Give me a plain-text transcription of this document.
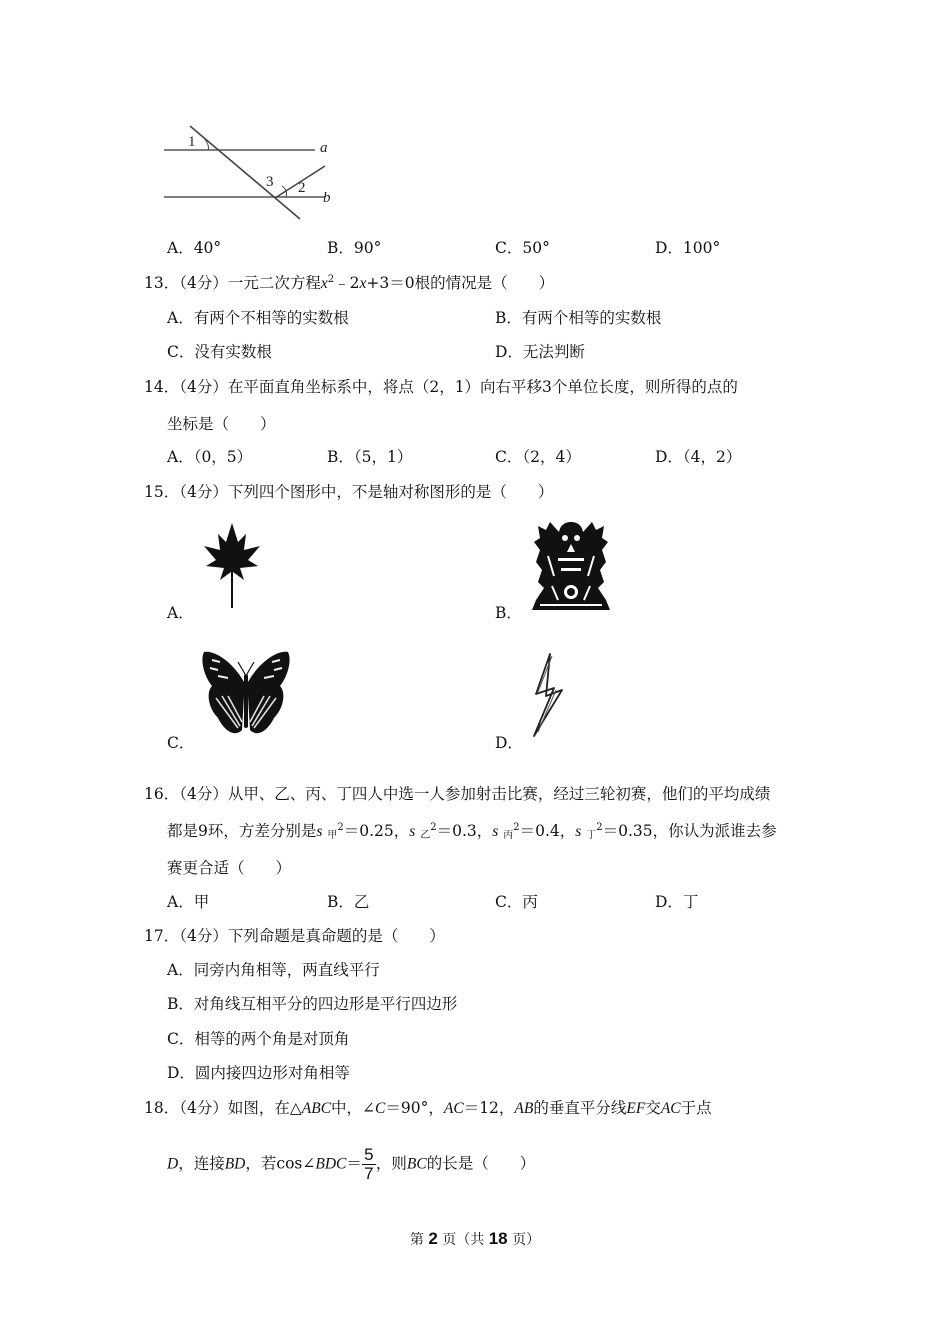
1	a
3 2
b
A．40°	B．90°	C．50°	D．100°
13．（4分）一元二次方程$x^2﹣2x+3=0$根的情况是（　　）
A．有两个不相等的实数根	B．有两个相等的实数根
C．没有实数根	D．无法判断
14．（4分）在平面直角坐标系中，将点（2，1）向右平移3个单位长度，则所得的点的
坐标是（　　）
A．（0，5）	B．（5，1）	C．（2，4）	D．（4，2）
15．（4分）下列四个图形中，不是轴对称图形的是（　　）
A．	B．
C．	D．
16．（4分）从甲、乙、丙、丁四人中选一人参加射击比赛，经过三轮初赛，他们的平均成绩
都是9环，方差分别是s 甲$^2$＝0.25，s 乙$^2$＝0.3，s 丙$^2$＝0.4，s 丁$^2$＝0.35，你认为派谁去参
赛更合适（　　）
A．甲	B．乙	C．丙	D．丁
17．（4分）下列命题是真命题的是（　　）
A．同旁内角相等，两直线平行
B．对角线互相平分的四边形是平行四边形
C．相等的两个角是对顶角
D．圆内接四边形对角相等
18．（4分）如图，在△ABC中，∠C＝90°，AC＝12，AB的垂直平分线EF交AC于点
D，连接BD，若$\cos\angle BDC=\frac{5}{7}$，则BC的长是（　　）
第 2 页（共 18 页）
